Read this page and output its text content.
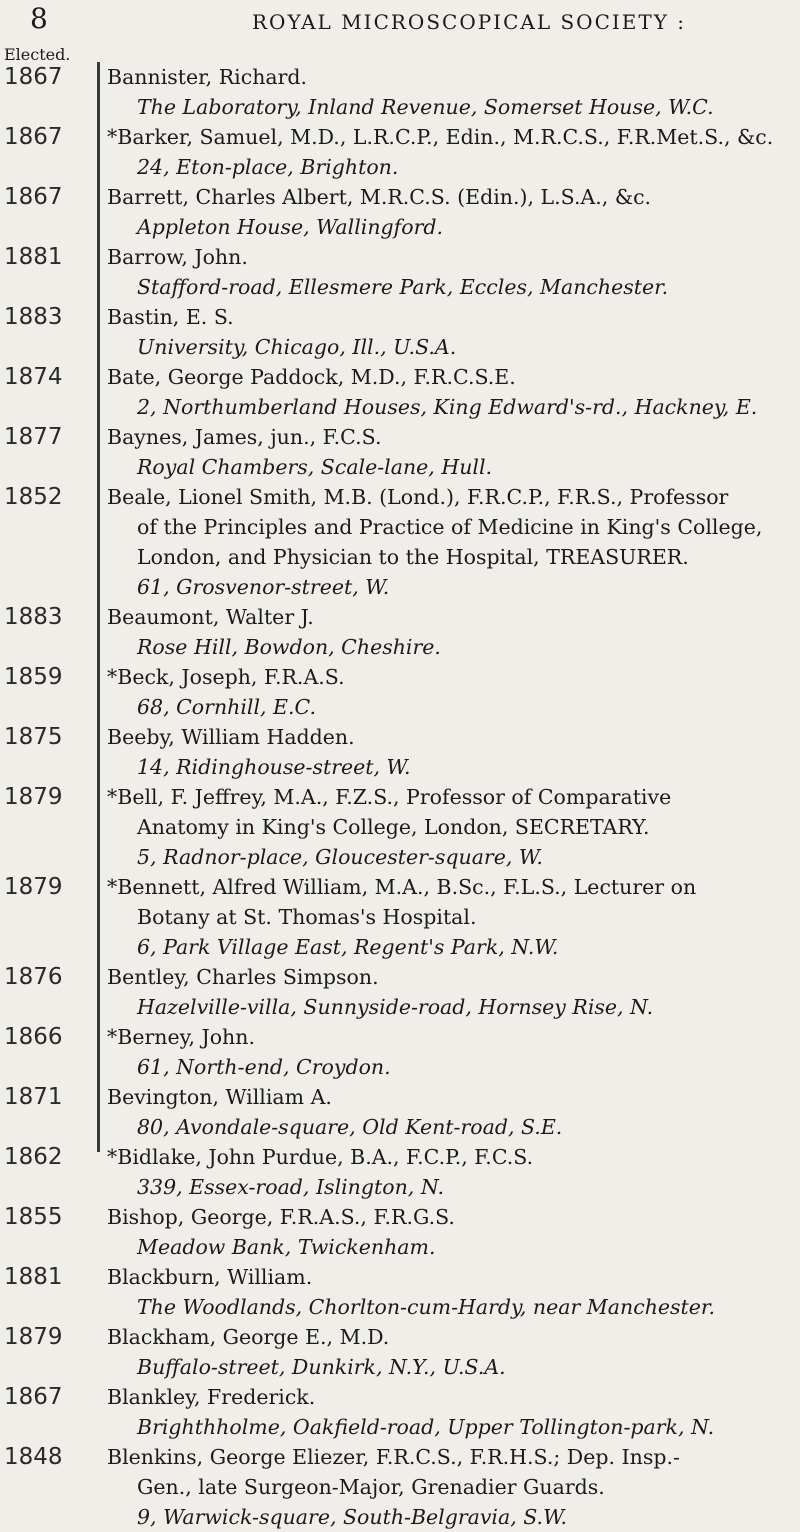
8	ROYAL MICROSCOPICAL SOCIETY :
Elected.
1867 Bannister, Richard.
The Laboratory, Inland Revenue, Somerset House, W.C.
1867 *Barker, Samuel, M.D., L.R.C.P., Edin., M.R.C.S., F.R.Met.S., &c.
24, Eton-place, Brighton.
1867 Barrett, Charles Albert, M.R.C.S. (Edin.), L.S.A., &c.
Appleton House, Wallingford.
1881 Barrow, John.
Stafford-road, Ellesmere Park, Eccles, Manchester.
1883 Bastin, E. S.
University, Chicago, Ill., U.S.A.
1874 Bate, George Paddock, M.D., F.R.C.S.E.
2, Northumberland Houses, King Edward's-rd., Hackney, E.
1877 Baynes, James, jun., F.C.S.
Royal Chambers, Scale-lane, Hull.
1852 Beale, Lionel Smith, M.B. (Lond.), F.R.C.P., F.R.S., Professor
of the Principles and Practice of Medicine in King's College,
London, and Physician to the Hospital, TREASURER.
61, Grosvenor-street, W.
1883 Beaumont, Walter J.
Rose Hill, Bowdon, Cheshire.
1859 *Beck, Joseph, F.R.A.S.
68, Cornhill, E.C.
1875 Beeby, William Hadden.
14, Ridinghouse-street, W.
1879 *Bell, F. Jeffrey, M.A., F.Z.S., Professor of Comparative
Anatomy in King's College, London, SECRETARY.
5, Radnor-place, Gloucester-square, W.
1879 *Bennett, Alfred William, M.A., B.Sc., F.L.S., Lecturer on
Botany at St. Thomas's Hospital.
6, Park Village East, Regent's Park, N.W.
1876 Bentley, Charles Simpson.
Hazelville-villa, Sunnyside-road, Hornsey Rise, N.
1866 *Berney, John.
61, North-end, Croydon.
1871 Bevington, William A.
80, Avondale-square, Old Kent-road, S.E.
1862 *Bidlake, John Purdue, B.A., F.C.P., F.C.S.
339, Essex-road, Islington, N.
1855 Bishop, George, F.R.A.S., F.R.G.S.
Meadow Bank, Twickenham.
1881 Blackburn, William.
The Woodlands, Chorlton-cum-Hardy, near Manchester.
1879 Blackham, George E., M.D.
Buffalo-street, Dunkirk, N.Y., U.S.A.
1867 Blankley, Frederick.
Brighthholme, Oakfield-road, Upper Tollington-park, N.
1848 Blenkins, George Eliezer, F.R.C.S., F.R.H.S.; Dep. Insp.-
Gen., late Surgeon-Major, Grenadier Guards.
9, Warwick-square, South-Belgravia, S.W.
